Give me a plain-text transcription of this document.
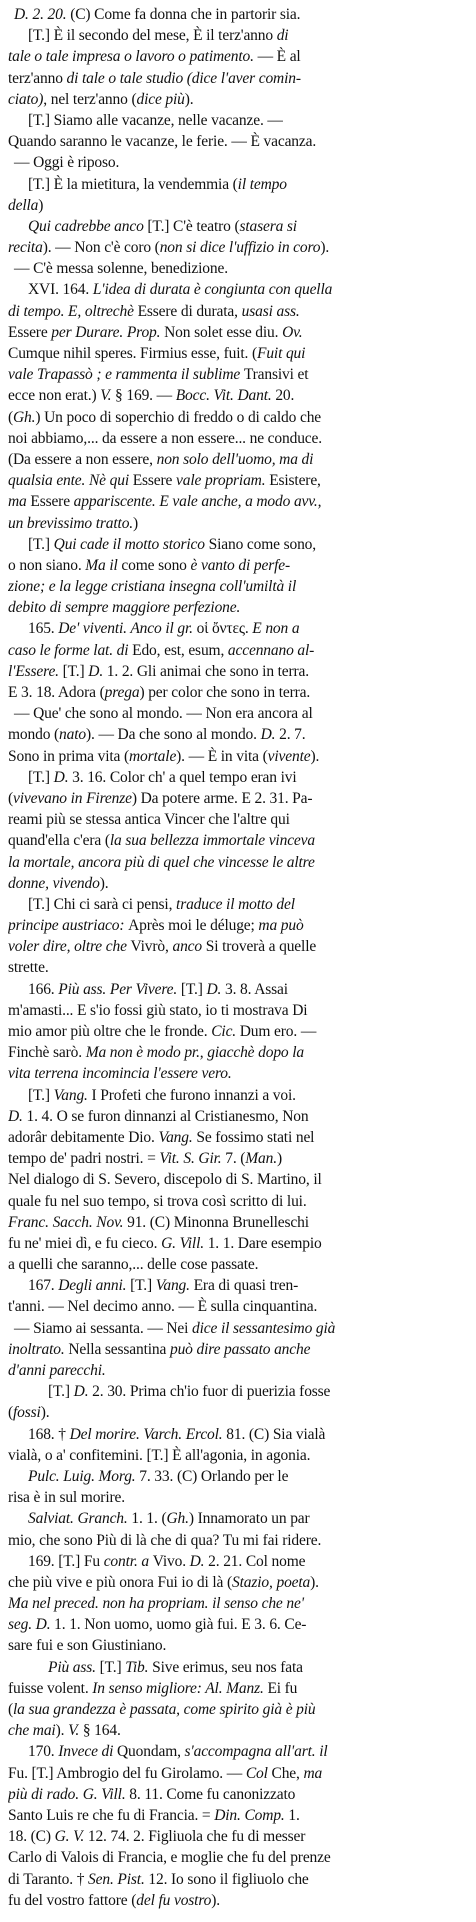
D. 2. 20. (C) Come fa donna che in partorir sia.
[T.] È il secondo del mese, È il terz'anno di
tale o tale impresa o lavoro o patimento. — È al
terz'anno di tale o tale studio (dice l'aver comin-
ciato), nel terz'anno (dice più).
[T.] Siamo alle vacanze, nelle vacanze. —
Quando saranno le vacanze, le ferie. — È vacanza.
— Oggi è riposo.
[T.] È la mietitura, la vendemmia (il tempo
della)
Qui cadrebbe anco [T.] C'è teatro (stasera si
recita). — Non c'è coro (non si dice l'uffizio in coro).
— C'è messa solenne, benedizione.
XVI. 164. L'idea di durata è congiunta con quella
di tempo. E, oltrechè Essere di durata, usasi ass.
Essere per Durare. Prop. Non solet esse diu. Ov.
Cumque nihil speres. Firmius esse, fuit. (Fuit qui
vale Trapassò ; e rammenta il sublime Transivi et
ecce non erat.) V. § 169. — Bocc. Vit. Dant. 20.
(Gh.) Un poco di soperchio di freddo o di caldo che
noi abbiamo,... da essere a non essere... ne conduce.
(Da essere a non essere, non solo dell'uomo, ma di
qualsia ente. Nè qui Essere vale propriam. Esistere,
ma Essere appariscente. E vale anche, a modo avv.,
un brevissimo tratto.)
[T.] Qui cade il motto storico Siano come sono,
o non siano. Ma il come sono è vanto di perfe-
zione; e la legge cristiana insegna coll'umiltà il
debito di sempre maggiore perfezione.
165. De' viventi. Anco il gr. οἱ ὄντες. E non a
caso le forme lat. di Edo, est, esum, accennano al-
l'Essere. [T.] D. 1. 2. Gli animai che sono in terra.
E 3. 18. Adora (prega) per color che sono in terra.
— Que' che sono al mondo. — Non era ancora al
mondo (nato). — Da che sono al mondo. D. 2. 7.
Sono in prima vita (mortale). — È in vita (vivente).
[T.] D. 3. 16. Color ch' a quel tempo eran ivi
(vivevano in Firenze) Da potere arme. E 2. 31. Pa-
reami più se stessa antica Vincer che l'altre qui
quand'ella c'era (la sua bellezza immortale vinceva
la mortale, ancora più di quel che vincesse le altre
donne, vivendo).
[T.] Chi ci sarà ci pensi, traduce il motto del
principe austriaco: Après moi le déluge; ma può
voler dire, oltre che Vivrò, anco Si troverà a quelle
strette.
166. Più ass. Per Vivere. [T.] D. 3. 8. Assai
m'amasti... E s'io fossi giù stato, io ti mostrava Di
mio amor più oltre che le fronde. Cic. Dum ero. —
Finchè sarò. Ma non è modo pr., giacchè dopo la
vita terrena incomincia l'essere vero.
[T.] Vang. I Profeti che furono innanzi a voi.
D. 1. 4. O se furon dinnanzi al Cristianesmo, Non
adorâr debitamente Dio. Vang. Se fossimo stati nel
tempo de' padri nostri. = Vit. S. Gir. 7. (Man.)
Nel dialogo di S. Severo, discepolo di S. Martino, il
quale fu nel suo tempo, si trova così scritto di lui.
Franc. Sacch. Nov. 91. (C) Minonna Brunelleschi
fu ne' miei dì, e fu cieco. G. Vill. 1. 1. Dare esempio
a quelli che saranno,... delle cose passate.
167. Degli anni. [T.] Vang. Era di quasi tren-
t'anni. — Nel decimo anno. — È sulla cinquantina.
— Siamo ai sessanta. — Nei dice il sessantesimo già
inoltrato. Nella sessantina può dire passato anche
d'anni parecchi.
[T.] D. 2. 30. Prima ch'io fuor di puerizia fosse
(fossi).
168. † Del morire. Varch. Ercol. 81. (C) Sia vialà
vialà, o a' confitemini. [T.] È all'agonia, in agonia.
Pulc. Luig. Morg. 7. 33. (C) Orlando per le
risa è in sul morire.
Salviat. Granch. 1. 1. (Gh.) Innamorato un par
mio, che sono Più di là che di qua? Tu mi fai ridere.
169. [T.] Fu contr. a Vivo. D. 2. 21. Col nome
che più vive e più onora Fui io di là (Stazio, poeta).
Ma nel preced. non ha propriam. il senso che ne'
seg. D. 1. 1. Non uomo, uomo già fui. E 3. 6. Ce-
sare fui e son Giustiniano.
Più ass. [T.] Tib. Sive erimus, seu nos fata
fuisse volent. In senso migliore: Al. Manz. Ei fu
(la sua grandezza è passata, come spirito già è più
che mai). V. § 164.
170. Invece di Quondam, s'accompagna all'art. il
Fu. [T.] Ambrogio del fu Girolamo. — Col Che, ma
più di rado. G. Vill. 8. 11. Come fu canonizzato
Santo Luis re che fu di Francia. = Din. Comp. 1.
18. (C) G. V. 12. 74. 2. Figliuola che fu di messer
Carlo di Valois di Francia, e moglie che fu del prenze
di Taranto. † Sen. Pist. 12. Io sono il figliuolo che
fu del vostro fattore (del fu vostro).
